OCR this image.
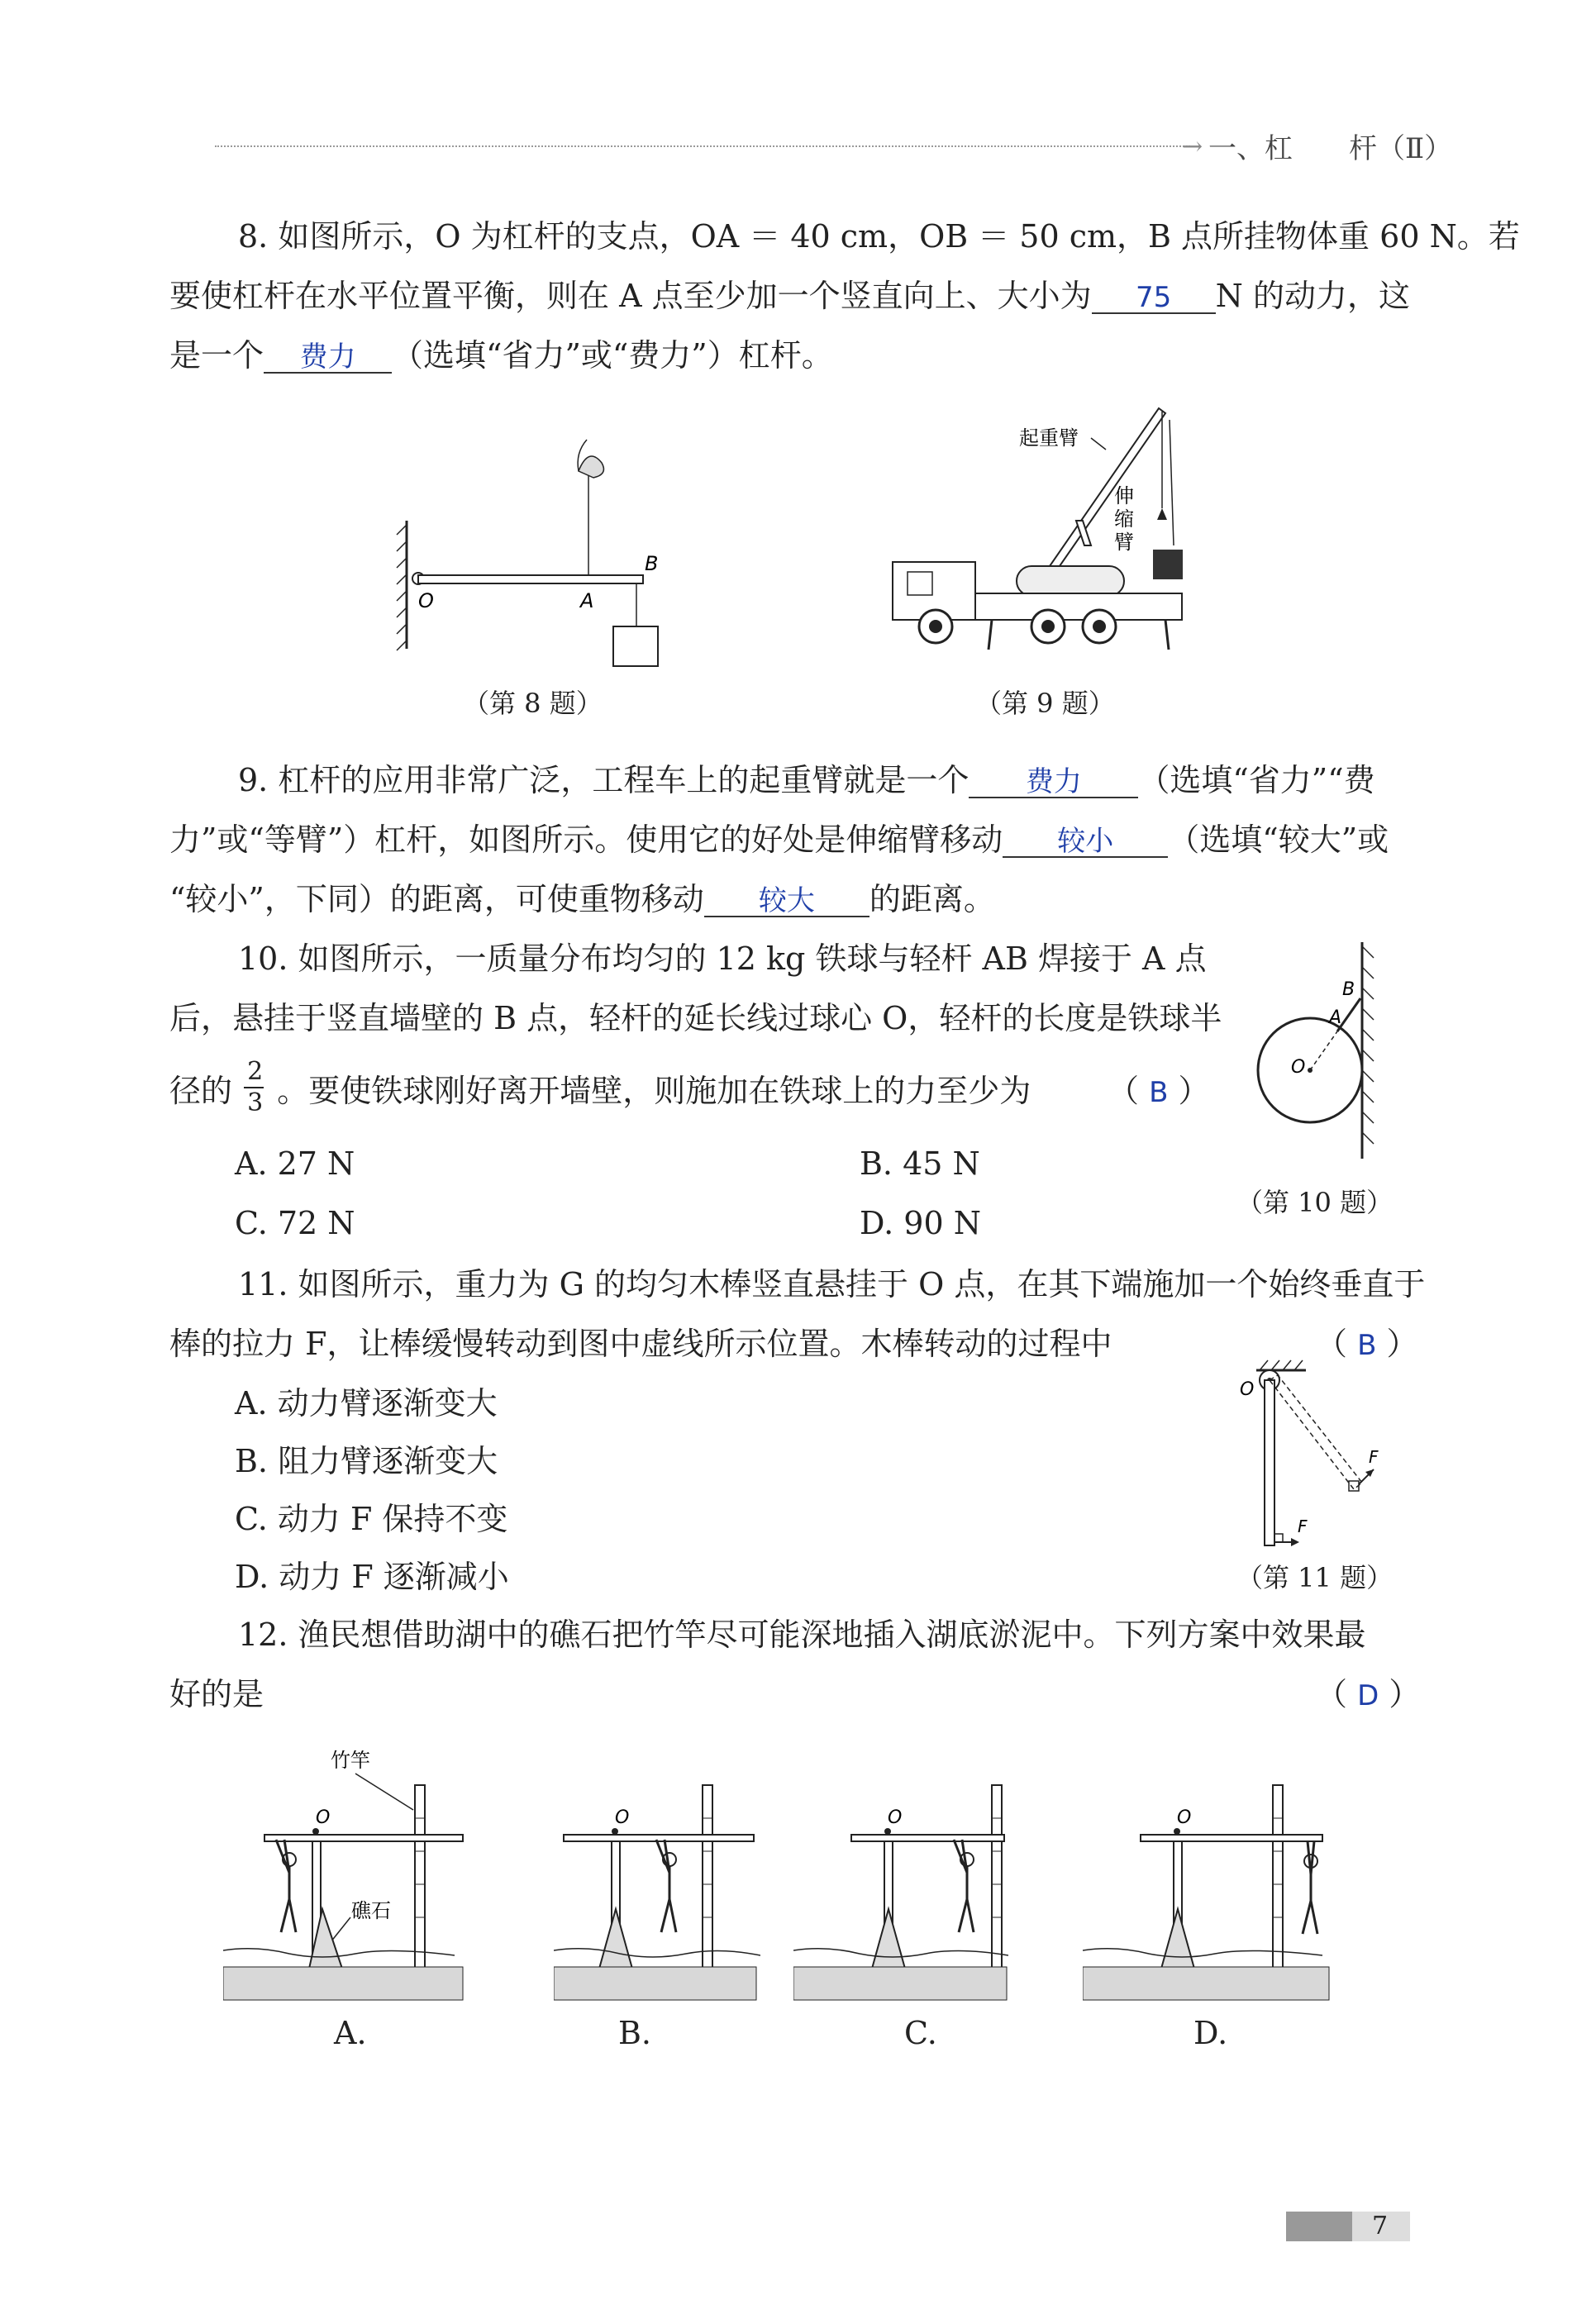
→ 一、杠　　杆（Ⅱ）
8. 如图所示，O 为杠杆的支点，OA ＝ 40 cm，OB ＝ 50 cm，B 点所挂物体重 60 N。若
要使杠杆在水平位置平衡，则在 A 点至少加一个竖直向上、大小为 75 N 的动力，这
是一个 费力 （选填“省力”或“费力”）杠杆。
O	A
B
（第 8 题）
起重臂
伸
缩
臂
（第 9 题）
9. 杠杆的应用非常广泛，工程车上的起重臂就是一个 费力 （选填“省力”“费
力”或“等臂”）杠杆，如图所示。使用它的好处是伸缩臂移动 较小 （选填“较大”或
“较小”，下同）的距离，可使重物移动 较大 的距离。
10. 如图所示，一质量分布均匀的 12 kg 铁球与轻杆 AB 焊接于 A 点
后，悬挂于竖直墙壁的 B 点，轻杆的延长线过球心 O，轻杆的长度是铁球半
径的 $\frac{2}{3}$ 。要使铁球刚好离开墙壁，则施加在铁球上的力至少为 （ B ）
A. 27 N	B. 45 N
C. 72 N	D. 90 N
O
A
B
（第 10 题）
11. 如图所示，重力为 G 的均匀木棒竖直悬挂于 O 点，在其下端施加一个始终垂直于
棒的拉力 F，让棒缓慢转动到图中虚线所示位置。木棒转动的过程中	（ B ）
A. 动力臂逐渐变大
B. 阻力臂逐渐变大
C. 动力 F 保持不变
D. 动力 F 逐渐减小
O
F
F
（第 11 题）
12. 渔民想借助湖中的礁石把竹竿尽可能深地插入湖底淤泥中。下列方案中效果最
好的是	（ D ）
竹竿
O
礁石
O	O	O
A.	B.	C.	D.
7
